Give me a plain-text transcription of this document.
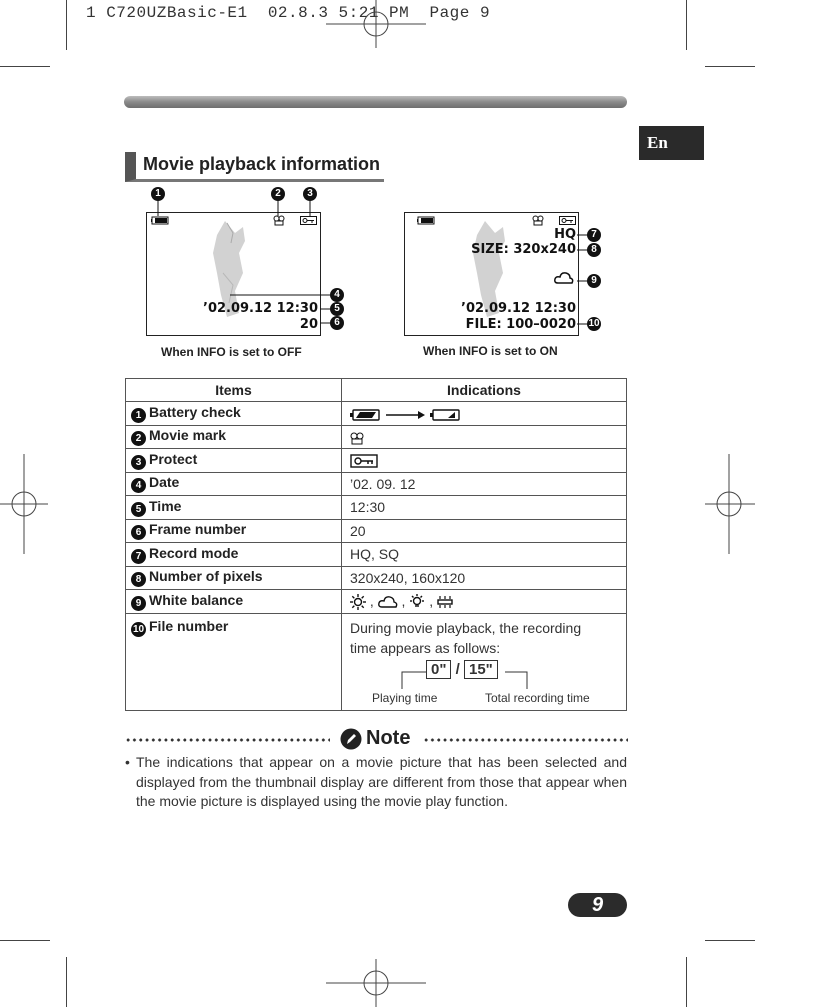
1 C720UZBasic-E1 02.8.3 5:21 PM Page 9
En
Movie playback information
’02.09.12 12:30
20
1	2	3
4
5
6
When INFO is set to OFF
HQ
SIZE: 320x240
’02.09.12 12:30
FILE: 100–0020
7
8
9
10
When INFO is set to ON
Items	Indications
1 Battery check	
2 Movie mark	
3 Protect	
4 Date	’02. 09. 12
5 Time	12:30
6 Frame number	20
7 Record mode	HQ, SQ
8 Number of pixels	320x240, 160x120
9 White balance	,  ,  ,
10 File number	During movie playback, the recording time appears as follows:
0" / 15"
Playing time Total recording time
Note
• The indications that appear on a movie picture that has been selected and displayed from the thumbnail display are different from those that appear when the movie picture is displayed using the movie play function.
9
